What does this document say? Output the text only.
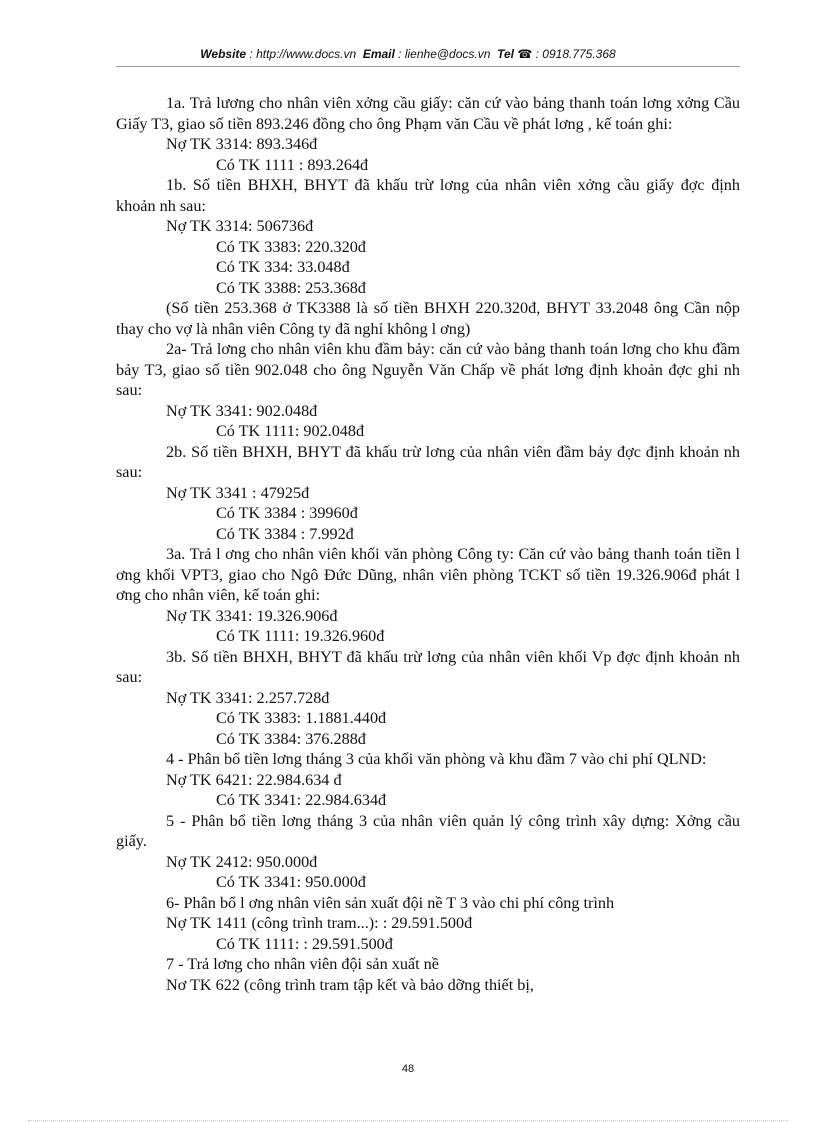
Website : http://www.docs.vn Email : lienhe@docs.vn Tel ☎ : 0918.775.368
1a. Trả lương cho nhân viên xởng cầu giấy: căn cứ vào bảng thanh toán lơng xởng Cầu Giấy T3, giao số tiền 893.246 đồng cho ông Phạm văn Cầu về phát lơng , kế toán ghi:
Nợ TK 3314: 893.346đ
Có TK 1111 : 893.264đ
1b. Số tiền BHXH, BHYT đã khấu trừ lơng của nhân viên xởng cầu giấy đợc định khoản nh sau:
Nợ TK 3314: 506736đ
Có TK 3383: 220.320đ
Có TK 334: 33.048đ
Có TK 3388: 253.368đ
(Số tiền 253.368 ở TK3388 là số tiền BHXH 220.320đ, BHYT 33.2048 ông Cần nộp thay cho vợ là nhân viên Công ty đã nghỉ không l ơng)
2a- Trả lơng cho nhân viên khu đầm bảy: căn cứ vào bảng thanh toán lơng cho khu đầm bảy T3, giao số tiền 902.048 cho ông Nguyễn Văn Chấp về phát lơng định khoản đợc ghi nh sau:
Nợ TK 3341: 902.048đ
Có TK 1111: 902.048đ
2b. Số tiền BHXH, BHYT đã khấu trừ lơng của nhân viên đầm bảy đợc định khoản nh sau:
Nợ TK 3341 : 47925đ
Có TK 3384 : 39960đ
Có TK 3384 : 7.992đ
3a. Trả l ơng cho nhân viên khối văn phòng Công ty: Căn cứ vào bảng thanh toán tiền l ơng khối VPT3, giao cho Ngô Đức Dũng, nhân viên phòng TCKT số tiền 19.326.906đ phát l ơng cho nhân viên, kế toán ghi:
Nợ TK 3341: 19.326.906đ
Có TK 1111: 19.326.960đ
3b. Số tiền BHXH, BHYT đã khấu trừ lơng của nhân viên khối Vp đợc định khoản nh sau:
Nợ TK 3341: 2.257.728đ
Có TK 3383: 1.1881.440đ
Có TK 3384: 376.288đ
4 - Phân bổ tiền lơng tháng 3 của khối văn phòng và khu đầm 7 vào chi phí QLND:
Nợ TK 6421: 22.984.634 đ
Có TK 3341: 22.984.634đ
5 - Phân bổ tiền lơng tháng 3 của nhân viên quản lý công trình xây dựng: Xởng cầu giấy.
Nợ TK 2412: 950.000đ
Có TK 3341: 950.000đ
6- Phân bổ l ơng nhân viên sản xuất đội nề T 3 vào chi phí công trình
Nợ TK 1411 (công trình tram...): : 29.591.500đ
Có TK 1111: : 29.591.500đ
7 - Trả lơng cho nhân viên đội sản xuất nề
Nơ TK 622 (công trình tram tập kết và bảo dỡng thiết bị,
48
